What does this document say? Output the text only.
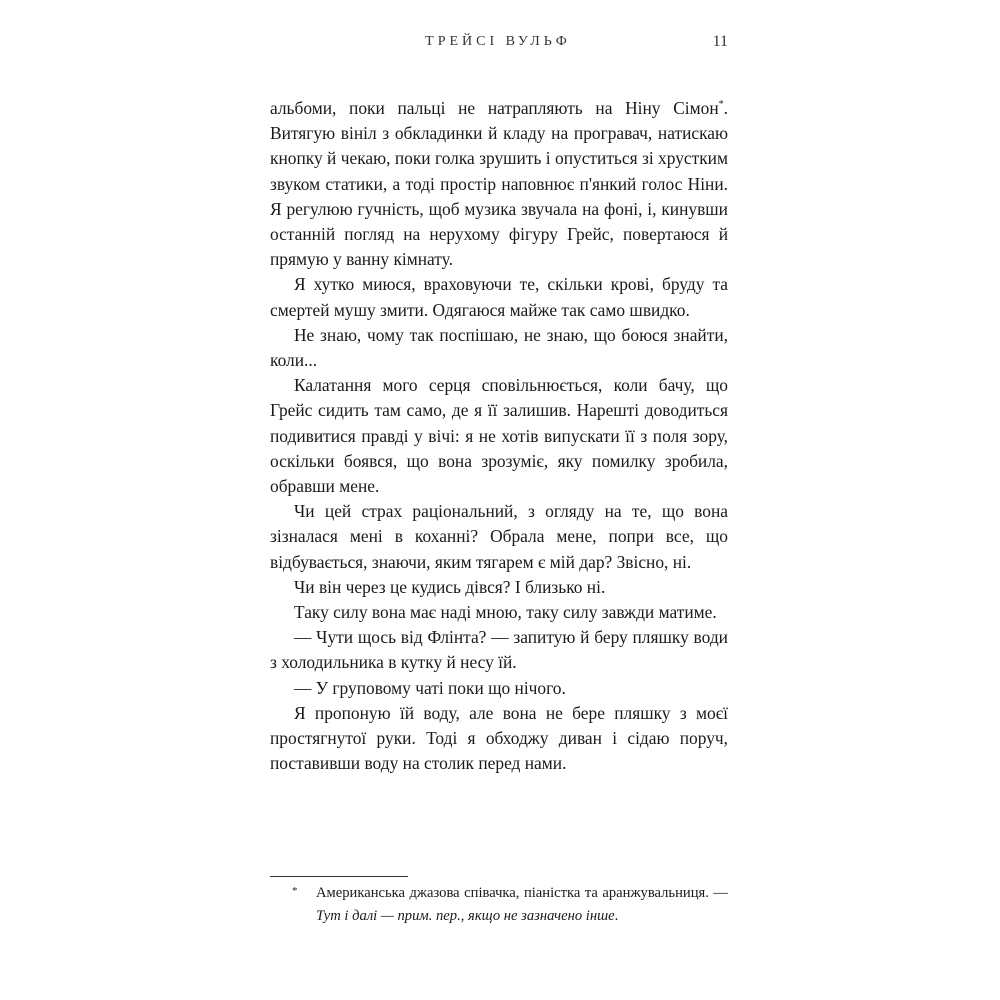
ТРЕЙСІ ВУЛЬФ	11

альбоми, поки пальці не натрапляють на Ніну Сімон*. Витягую вініл з обкладинки й кладу на програвач, натискаю кнопку й чекаю, поки голка зрушить і опуститься зі хрустким звуком статики, а тоді простір наповнює п'янкий голос Ніни. Я регулюю гучність, щоб музика звучала на фоні, і, кинувши останній погляд на нерухому фігуру Грейс, повертаюся й прямую у ванну кімнату.

Я хутко миюся, враховуючи те, скільки крові, бруду та смертей мушу змити. Одягаюся майже так само швидко.

Не знаю, чому так поспішаю, не знаю, що боюся знайти, коли...

Калатання мого серця сповільнюється, коли бачу, що Грейс сидить там само, де я її залишив. Нарешті доводиться подивитися правді у вічі: я не хотів випускати її з поля зору, оскільки боявся, що вона зрозуміє, яку помилку зробила, обравши мене.

Чи цей страх раціональний, з огляду на те, що вона зізналася мені в коханні? Обрала мене, попри все, що відбувається, знаючи, яким тягарем є мій дар? Звісно, ні.

Чи він через це кудись дівся? І близько ні.

Таку силу вона має наді мною, таку силу завжди матиме.

— Чути щось від Флінта? — запитую й беру пляшку води з холодильника в кутку й несу їй.

— У груповому чаті поки що нічого.

Я пропоную їй воду, але вона не бере пляшку з моєї простягнутої руки. Тоді я обходжу диван і сідаю поруч, поставивши воду на столик перед нами.

* Американська джазова співачка, піаністка та аранжувальниця. — Тут і далі — прим. пер., якщо не зазначено інше.
